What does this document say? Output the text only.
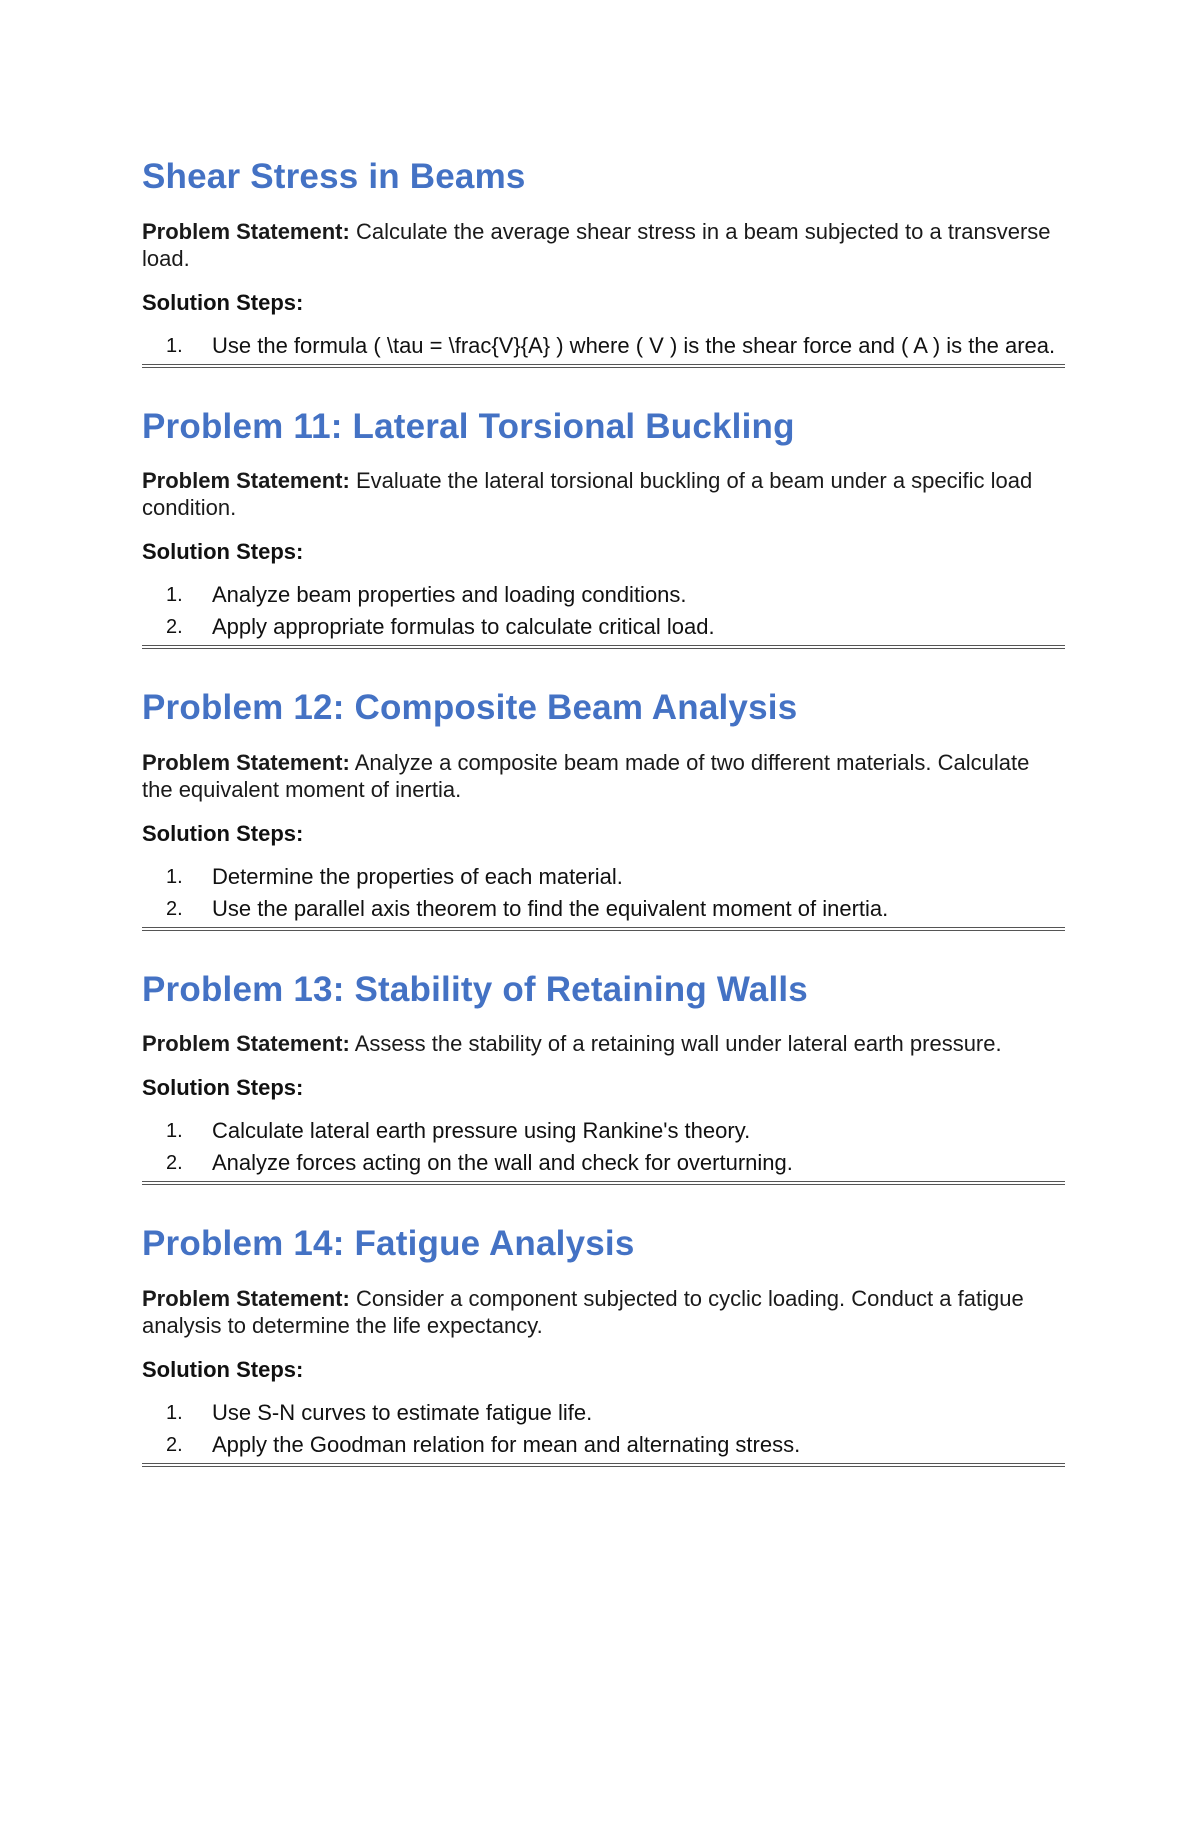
Shear Stress in Beams

Problem Statement: Calculate the average shear stress in a beam subjected to a transverse load.

Solution Steps:
1.	Use the formula ( \tau = \frac{V}{A} ) where ( V ) is the shear force and ( A ) is the area.
Problem 11: Lateral Torsional Buckling

Problem Statement: Evaluate the lateral torsional buckling of a beam under a specific load condition.

Solution Steps:
1.	Analyze beam properties and loading conditions.
2.	Apply appropriate formulas to calculate critical load.
Problem 12: Composite Beam Analysis

Problem Statement: Analyze a composite beam made of two different materials. Calculate the equivalent moment of inertia.

Solution Steps:
1.	Determine the properties of each material.
2.	Use the parallel axis theorem to find the equivalent moment of inertia.
Problem 13: Stability of Retaining Walls

Problem Statement: Assess the stability of a retaining wall under lateral earth pressure.

Solution Steps:
1.	Calculate lateral earth pressure using Rankine's theory.
2.	Analyze forces acting on the wall and check for overturning.
Problem 14: Fatigue Analysis

Problem Statement: Consider a component subjected to cyclic loading. Conduct a fatigue analysis to determine the life expectancy.

Solution Steps:
1.	Use S-N curves to estimate fatigue life.
2.	Apply the Goodman relation for mean and alternating stress.
